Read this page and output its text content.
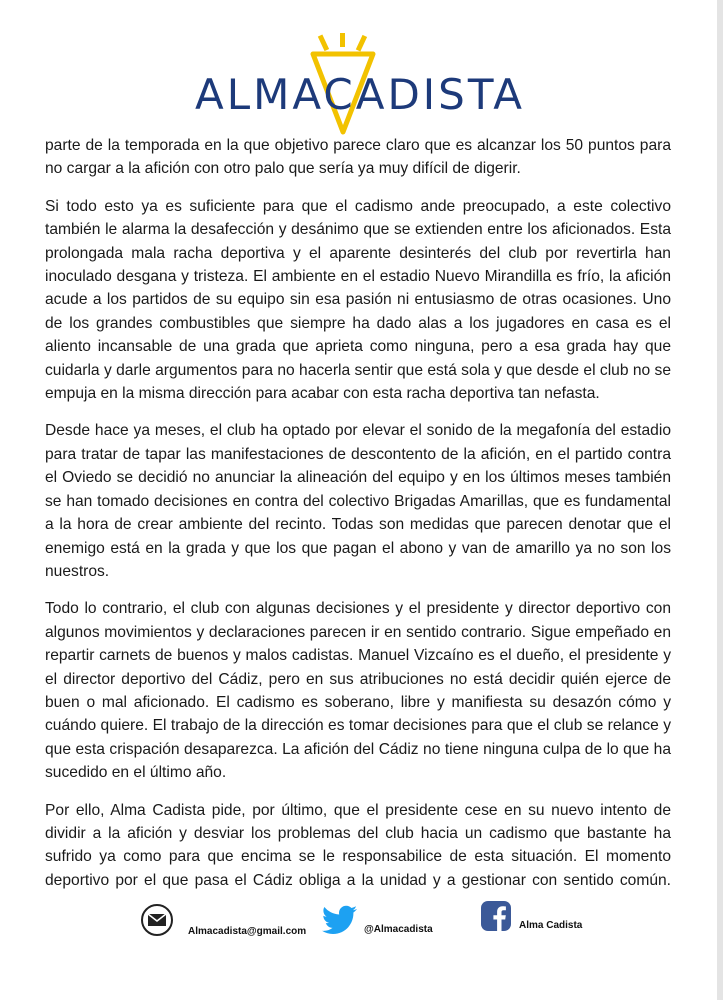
ALMACADISTA

parte de la temporada en la que objetivo parece claro que es alcanzar los 50 puntos para no cargar a la afición con otro palo que sería ya muy difícil de digerir.

Si todo esto ya es suficiente para que el cadismo ande preocupado, a este colectivo también le alarma la desafección y desánimo que se extienden entre los aficionados. Esta prolongada mala racha deportiva y el aparente desinterés del club por revertirla han inoculado desgana y tristeza. El ambiente en el estadio Nuevo Mirandilla es frío, la afición acude a los partidos de su equipo sin esa pasión ni entusiasmo de otras ocasiones. Uno de los grandes combustibles que siempre ha dado alas a los jugadores en casa es el aliento incansable de una grada que aprieta como ninguna, pero a esa grada hay que cuidarla y darle argumentos para no hacerla sentir que está sola y que desde el club no se empuja en la misma dirección para acabar con esta racha deportiva tan nefasta.

Desde hace ya meses, el club ha optado por elevar el sonido de la megafonía del estadio para tratar de tapar las manifestaciones de descontento de la afición, en el partido contra el Oviedo se decidió no anunciar la alineación del equipo y en los últimos meses también se han tomado decisiones en contra del colectivo Brigadas Amarillas, que es fundamental a la hora de crear ambiente del recinto. Todas son medidas que parecen denotar que el enemigo está en la grada y que los que pagan el abono y van de amarillo ya no son los nuestros.

Todo lo contrario, el club con algunas decisiones y el presidente y director deportivo con algunos movimientos y declaraciones parecen ir en sentido contrario. Sigue empeñado en repartir carnets de buenos y malos cadistas. Manuel Vizcaíno es el dueño, el presidente y el director deportivo del Cádiz, pero en sus atribuciones no está decidir quién ejerce de buen o mal aficionado. El cadismo es soberano, libre y manifiesta su desazón cómo y cuándo quiere. El trabajo de la dirección es tomar decisiones para que el club se relance y que esta crispación desaparezca. La afición del Cádiz no tiene ninguna culpa de lo que ha sucedido en el último año.

Por ello, Alma Cadista pide, por último, que el presidente cese en su nuevo intento de dividir a la afición y desviar los problemas del club hacia un cadismo que bastante ha sufrido ya como para que encima se le responsabilice de esta situación. El momento deportivo por el que pasa el Cádiz obliga a la unidad y a gestionar con sentido común.

Almacadista@gmail.com	@Almacadista	Alma Cadista
